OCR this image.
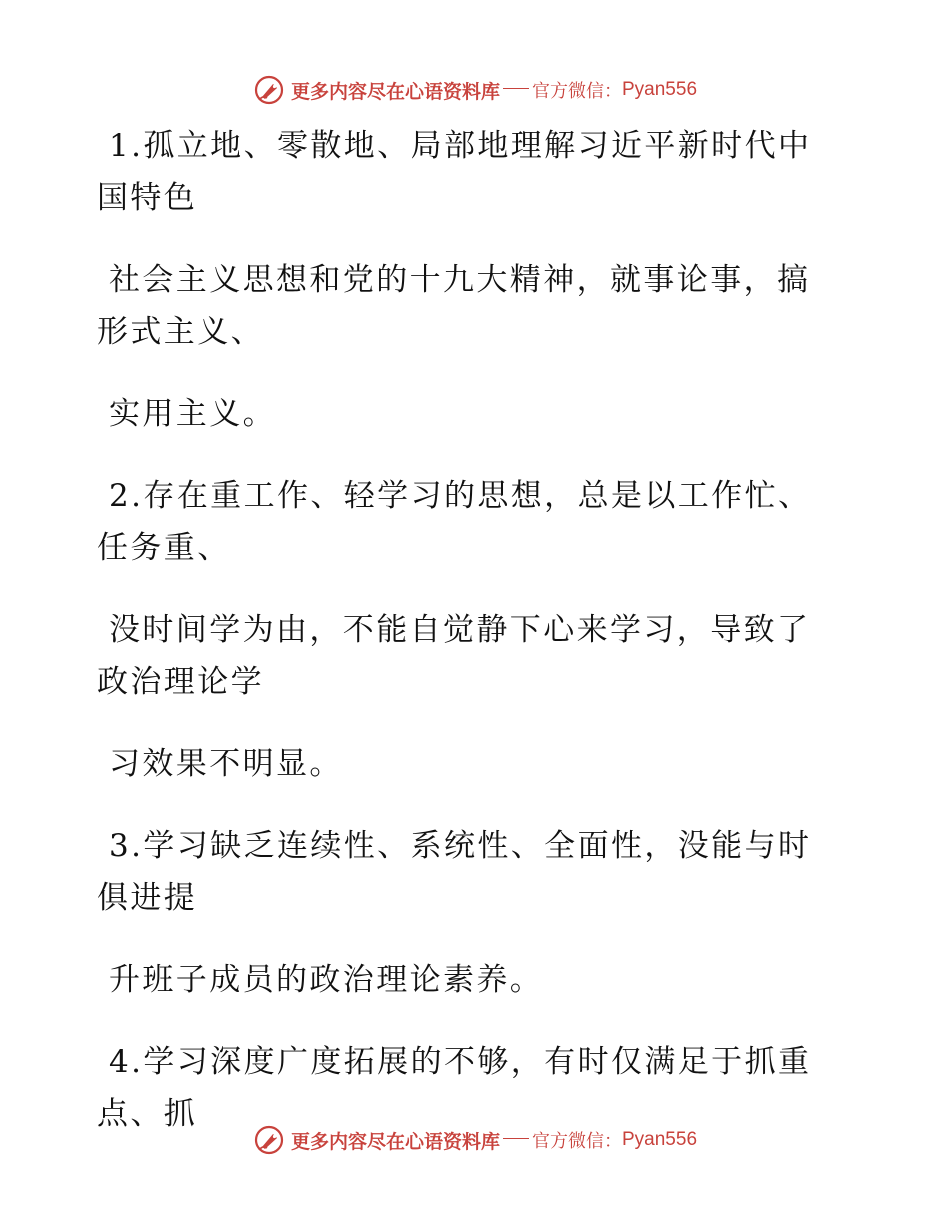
更多内容尽在心语资料库 官方微信： Pyan556
1.孤立地、零散地、局部地理解习近平新时代中
国特色
社会主义思想和党的十九大精神，就事论事，搞
形式主义、
实用主义。
2.存在重工作、轻学习的思想，总是以工作忙、
任务重、
没时间学为由，不能自觉静下心来学习，导致了
政治理论学
习效果不明显。
3.学习缺乏连续性、系统性、全面性，没能与时
俱进提
升班子成员的政治理论素养。
4.学习深度广度拓展的不够，有时仅满足于抓重
点、抓
更多内容尽在心语资料库 官方微信： Pyan556
